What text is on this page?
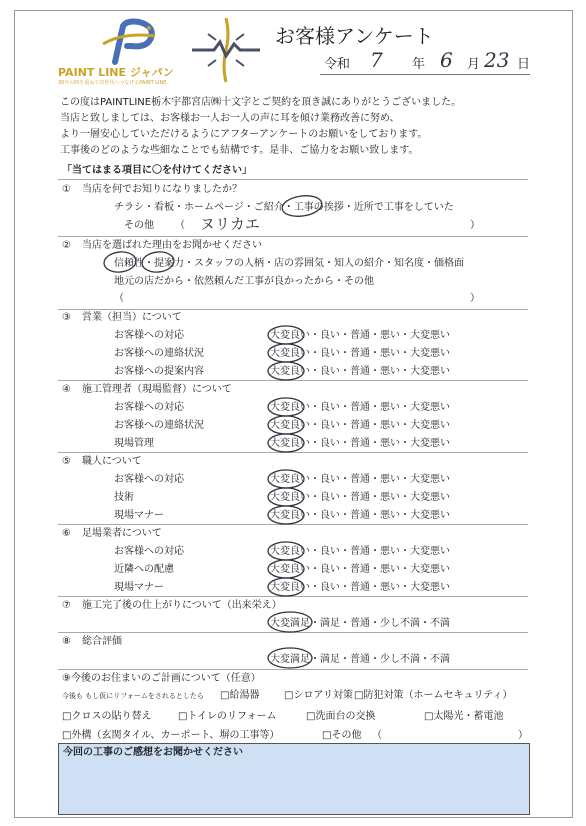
PAINT LINE ジャパン
30年の時を重ねて次世代へつなげるPAINT LINE
お客様アンケート
令和 7 年 6 月 23 日
この度はPAINTLINE栃木宇都宮店㈱十文字とご契約を頂き誠にありがとうございました。
当店と致しましては、お客様お一人お一人の声に耳を傾け業務改善に努め、
より一層安心していただけるようにアフターアンケートのお願いをしております。
工事後のどのような些細なことでも結構です。是非、ご協力をお願い致します。
「当てはまる項目に〇を付けてください」
① 当店を何でお知りになりましたか？
チラシ・看板・ホームページ・ご紹介・工事の挨拶・近所で工事をしていた
その他 （	）
ヌリカエ
② 当店を選ばれた理由をお聞かせください
信頼性・提案力・スタッフの人柄・店の雰囲気・知人の紹介・知名度・価格面
地元の店だから・依然頼んだ工事が良かったから・その他
（	）
③ 営業（担当）について
お客様への対応	大変良い・良い・普通・悪い・大変悪い
お客様への連絡状況	大変良い・良い・普通・悪い・大変悪い
お客様への提案内容	大変良い・良い・普通・悪い・大変悪い
④ 施工管理者（現場監督）について
お客様への対応	大変良い・良い・普通・悪い・大変悪い
お客様への連絡状況	大変良い・良い・普通・悪い・大変悪い
現場管理	大変良い・良い・普通・悪い・大変悪い
⑤ 職人について
お客様への対応	大変良い・良い・普通・悪い・大変悪い
技術	大変良い・良い・普通・悪い・大変悪い
現場マナー	大変良い・良い・普通・悪い・大変悪い
⑥ 足場業者について
お客様への対応	大変良い・良い・普通・悪い・大変悪い
近隣への配慮	大変良い・良い・普通・悪い・大変悪い
現場マナー	大変良い・良い・普通・悪い・大変悪い
⑦ 施工完了後の仕上がりについて（出来栄え）
大変満足・満足・普通・少し不満・不満
⑧ 総合評価
大変満足・満足・普通・少し不満・不満
⑨今後のお住まいのご計画について（任意）
今後も もし仮にリフォームをされるとしたら □給湯器 □シロアリ対策 □防犯対策（ホームセキュリティ）
□クロスの貼り替え	□トイレのリフォーム	□洗面台の交換	□太陽光・蓄電池
□外構（玄関タイル、カーポート、塀の工事等）	□その他 （	）
今回の工事のご感想をお聞かせください
